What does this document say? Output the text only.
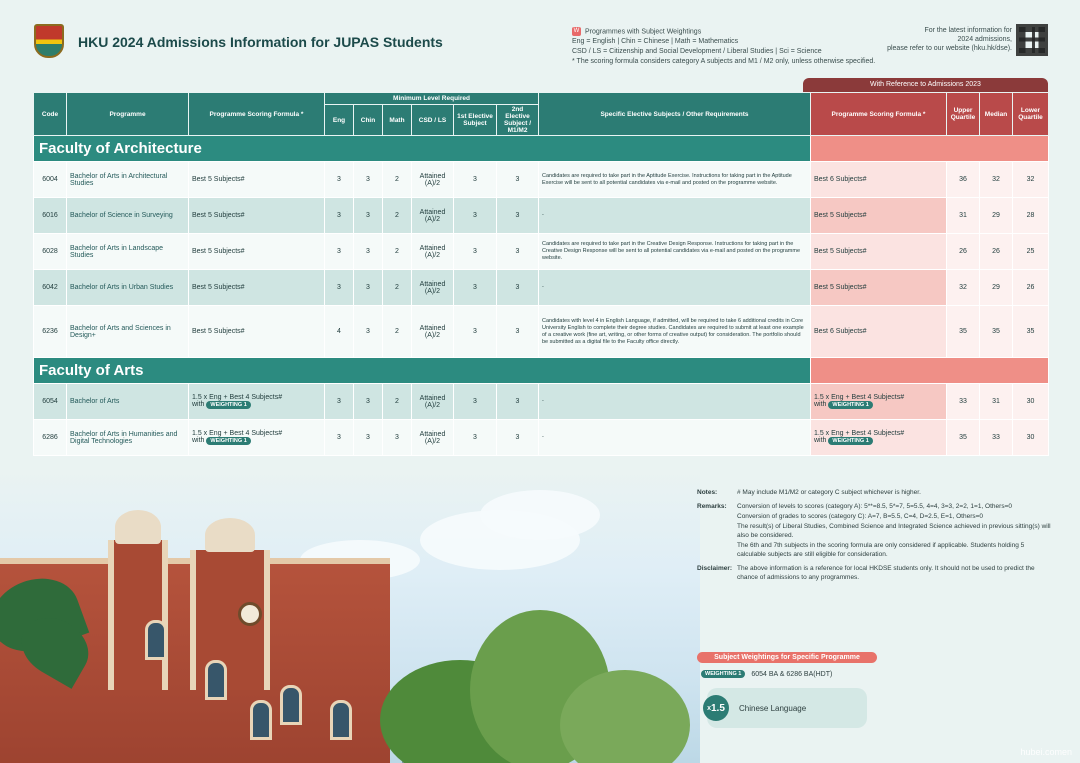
HKU 2024 Admissions Information for JUPAS Students
W Programmes with Subject Weightings
Eng = English | Chin = Chinese | Math = Mathematics
CSD / LS = Citizenship and Social Development / Liberal Studies | Sci = Science
* The scoring formula considers category A subjects and M1 / M2 only, unless otherwise specified.
For the latest information for
2024 admissions,
please refer to our website (hku.hk/dse).
With Reference to Admissions 2023
Code	Programme	Programme Scoring Formula *	Minimum Level Required						Specific Elective Subjects / Other Requirements	Programme Scoring Formula *	Upper Quartile	Median	Lower Quartile
			Eng	Chin	Math	CSD / LS	1st Elective Subject	2nd Elective Subject / M1/M2					
Faculty of Architecture													
6004	Bachelor of Arts in Architectural Studies	Best 5 Subjects#	3	3	2	Attained (A)/2	3	3	Candidates are required to take part in the Aptitude Exercise. Instructions for taking part in the Aptitude Exercise will be sent to all potential candidates via e-mail and posted on the programme website.	Best 6 Subjects#	36	32	32
6016	Bachelor of Science in Surveying	Best 5 Subjects#	3	3	2	Attained (A)/2	3	3	-	Best 5 Subjects#	31	29	28
6028	Bachelor of Arts in Landscape Studies	Best 5 Subjects#	3	3	2	Attained (A)/2	3	3	Candidates are required to take part in the Creative Design Response. Instructions for taking part in the Creative Design Response will be sent to all potential candidates via e-mail and posted on the programme website.	Best 5 Subjects#	26	26	25
6042	Bachelor of Arts in Urban Studies	Best 5 Subjects#	3	3	2	Attained (A)/2	3	3	-	Best 5 Subjects#	32	29	26
6236	Bachelor of Arts and Sciences in Design+	Best 5 Subjects#	4	3	2	Attained (A)/2	3	3	Candidates with level 4 in English Language, if admitted, will be required to take 6 additional credits in Core University English to complete their degree studies. Candidates are required to submit at least one example of a creative work (fine art, writing, or other forms of creative output) for consideration. The portfolio should be submitted as a digital file to the Faculty office directly.	Best 6 Subjects#	35	35	35
Faculty of Arts													
6054	Bachelor of Arts	1.5 x Eng + Best 4 Subjects#
with WEIGHTING 1	3	3	2	Attained (A)/2	3	3	-	1.5 x Eng + Best 4 Subjects#
with WEIGHTING 1	33	31	30
6286	Bachelor of Arts in Humanities and Digital Technologies	1.5 x Eng + Best 4 Subjects#
with WEIGHTING 1	3	3	3	Attained (A)/2	3	3	-	1.5 x Eng + Best 4 Subjects#
with WEIGHTING 1	35	33	30
Notes:	# May include M1/M2 or category C subject whichever is higher.

Remarks:	Conversion of levels to scores (category A): 5**=8.5, 5*=7, 5=5.5, 4=4, 3=3, 2=2, 1=1, Others=0

Conversion of grades to scores (category C): A=7, B=5.5, C=4, D=2.5, E=1, Others=0

The result(s) of Liberal Studies, Combined Science and Integrated Science achieved in previous sitting(s) will also be considered.

The 6th and 7th subjects in the scoring formula are only considered if applicable. Students holding 5 calculable subjects are still eligible for consideration.

Disclaimer: The above information is a reference for local HKDSE students only. It should not be used to predict the chance of admissions to any programmes.

Subject Weightings for Specific Programme
WEIGHTING 1	6054 BA & 6286 BA(HDT)
x 1.5 Chinese Language
hubei.comen
